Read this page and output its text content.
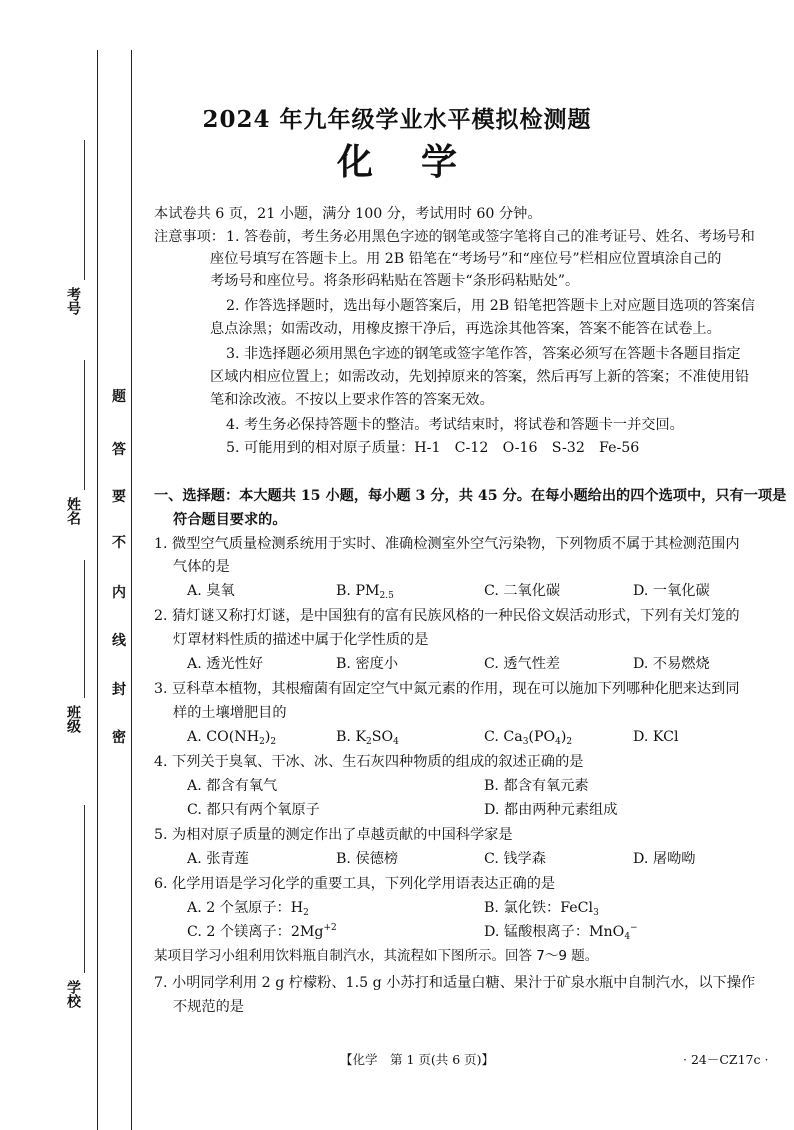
题
答
要
不
内
线
封
密
考号
姓名
班级
学校
2024 年九年级学业水平模拟检测题
化学
本试卷共 6 页，21 小题，满分 100 分，考试用时 60 分钟。
注意事项： 1. 答卷前，考生务必用黑色字迹的钢笔或签字笔将自己的准考证号、姓名、考场号和
座位号填写在答题卡上。用 2B 铅笔在“考场号”和“座位号”栏相应位置填涂自己的
考场号和座位号。将条形码粘贴在答题卡“条形码粘贴处”。
2. 作答选择题时，选出每小题答案后，用 2B 铅笔把答题卡上对应题目选项的答案信
息点涂黑；如需改动，用橡皮擦干净后，再选涂其他答案，答案不能答在试卷上。
3. 非选择题必须用黑色字迹的钢笔或签字笔作答，答案必须写在答题卡各题目指定
区域内相应位置上；如需改动，先划掉原来的答案，然后再写上新的答案；不准使用铅
笔和涂改液。不按以上要求作答的答案无效。
4. 考生务必保持答题卡的整洁。考试结束时，将试卷和答题卡一并交回。
5. 可能用到的相对原子质量：H-1　C-12　O-16　S-32　Fe-56
一、选择题：本大题共 15 小题，每小题 3 分，共 45 分。在每小题给出的四个选项中，只有一项是
符合题目要求的。
1. 微型空气质量检测系统用于实时、准确检测室外空气污染物，下列物质不属于其检测范围内
气体的是
A. 臭氧	B. $PM_{2.5}$	C. 二氧化碳	D. 一氧化碳
2. 猜灯谜又称打灯谜，是中国独有的富有民族风格的一种民俗文娱活动形式，下列有关灯笼的
灯罩材料性质的描述中属于化学性质的是
A. 透光性好	B. 密度小	C. 透气性差	D. 不易燃烧
3. 豆科草本植物，其根瘤菌有固定空气中氮元素的作用，现在可以施加下列哪种化肥来达到同
样的土壤增肥目的
A. $CO(NH_2)_2$	B. $K_2SO_4$	C. $Ca_3(PO_4)_2$	D. KCl
4. 下列关于臭氧、干冰、冰、生石灰四种物质的组成的叙述正确的是
A. 都含有氧气	B. 都含有氧元素
C. 都只有两个氧原子	D. 都由两种元素组成
5. 为相对原子质量的测定作出了卓越贡献的中国科学家是
A. 张青莲	B. 侯德榜	C. 钱学森	D. 屠呦呦
6. 化学用语是学习化学的重要工具，下列化学用语表达正确的是
A. 2 个氢原子：$H_2$	B. 氯化铁：FeCl$_3$
C. 2 个镁离子：$2Mg^{+2}$	D. 锰酸根离子：MnO$_4$−
某项目学习小组利用饮料瓶自制汽水，其流程如下图所示。回答 7～9 题。
7. 小明同学利用 2 g 柠檬粉、1.5 g 小苏打和适量白糖、果汁于矿泉水瓶中自制汽水，以下操作
不规范的是
【化学　第 1 页(共 6 页)】	· 24－CZ17c ·
